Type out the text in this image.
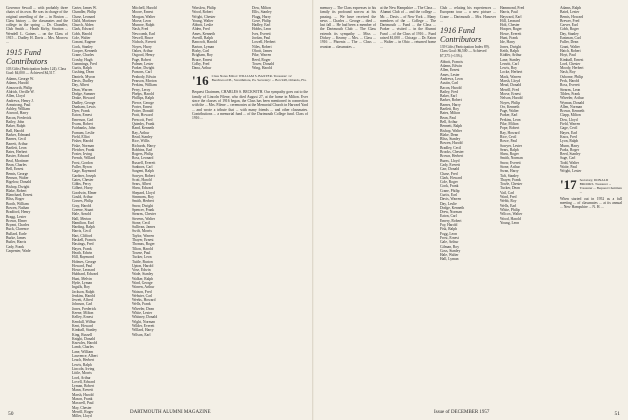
Governor Sewall ... with probably three chairs of its own. He was in charge of the original unveiling of the ... in Boston ... Class history ... the classmates and the college in the spring ... Dr. Chandler, Club Smith ... Heath Kirby, Stratton ... Wendell L. Gaines ... on the Class of 1915 ... Dudley H. Davis ... Mrs. Morrow ...

1915 Fund Contributors
103 Gifts (Participation Index 124). Class Goal: $4,000 — Achieved $4,517.
Adams, George W.
Adams, Harold
Ainsworth, Philip
Aldrich, Orville W.
Allen, Lloyd
Andrews, Henry J.
Armstrong, Paul
Ashley, William
Atwood, Harry
Bacon, Frederick
Bailey, John
Baker, Ralph
Ball, Harold
Barker, Edmund
Barnes, Cecil
Barrett, Arthur
Bartlett, Leon
Bates, Herbert
Baxter, Edward
Beal, Mortimer
Bean, Charles
Bell, Ernest
Bemis, George
Benson, Walter
Bigelow, Donald
Bishop, Dwight
Blake, Robert
Blanchard, Ernest
Bliss, Roger
Booth, William
Bowen, Nathan
Bradford, Henry
Bragg, Lester
Brown, Elmer
Bryant, Charles
Buck, Clarence
Bullard, Earle
Burke, James
Butler, Harris
Cady, Frank
Carpenter, Wade
Carter, James W.
Chandler, Philip
Chase, Leonard
Child, Mortimer
Church, Alden
Clark, Edward
Cobb, Harold
Cole, Walter
Conant, Eugene
Cook, Stanley
Cooper, Kenneth
Crane, Charles
Crosby, Hugh
Cummings, Fred
Curtis, Ralph
Cushing, Dean
Daniels, Myron
Davis, Dudley
Day, Albert
Dean, Warren
Dodge, Sumner
Drake, Howard
Dudley, George
Dunham, Lewis
Dyer, Frank
Eaton, Ernest
Emerson, Carl
Evans, Robert
Fairbanks, John
Farnum, Leslie
Field, Elliot
Fisher, Harold
Fiske, Norman
Fletcher, Frank
Foster, Irving
French, Willard
Frost, Gordon
Fuller, Byron
Gage, Raymond
Gardner, Joseph
Gates, Chester
Gibbs, Percy
Gilbert, Harry
Goodwin, Elmer
Gould, Arthur
Graves, Philip
Gray, Harold
Greene, Stuart
Hale, Arnold
Hall, Merton
Hamilton, Earl
Harding, Ralph
Harris, Cecil
Hart, Clifford
Haskell, Francis
Hastings, Fred
Hayes, Frank
Heath, Edwin
Hill, Raymond
Holmes, George
Howard, Paul
Howe, Leonard
Hubbard, Edward
Hunt, Melvin
Hyde, Lyman
Ingalls, Roy
Jackson, Ralph
Jenkins, Harold
Jewett, Alfred
Johnson, Carl
Jones, Frederick
Keene, Milton
Kelley, Ernest
Kendall, Wilbur
Kent, Howard
Kimball, Stanley
King, Russell
Knight, Donald
Knowles, Harold
Lamb, Charles
Lane, William
Lawrence, Albert
Leach, Herbert
Lewis, Ralph
Lincoln, Irving
Little, Morris
Lord, Arthur
Lovell, Edward
Lyman, Robert
Mann, Everett
Marsh, Harold
Mason, Frank
Maxwell, Paul
May, Chester
Merrill, Roger
Miller, Lloyd
Mitchell, Harold
Moore, Ernest
Morgan, Walter
Morse, Leon
Munroe, Ralph
Nash, Fred
Newcomb, Earl
Newell, Bruce
Nichols, Everett
Noyes, Harry
Oakes, Arthur
Osgood, Henry
Page, Robert
Palmer, Lester
Parker, Dwight
Parsons, Carl
Peabody, Edwin
Pearson, Morton
Perkins, William
Perry, Leroy
Phelps, Harold
Phillips, Ralph
Pierce, George
Porter, Ernest
Potter, Donald
Pratt, Howard
Prescott, Fred
Quimby, Frank
Rand, Kenneth
Ray, Arthur
Read, Stanley
Rice, Willis
Richards, Harry
Robbins, Earl
Rogers, Philip
Ross, Leonard
Russell, Everett
Sanborn, Carl
Sargent, Ralph
Sawyer, Robert
Scott, Harold
Sears, Albert
Shaw, Edward
Shepard, Lloyd
Simmons, Roy
Smith, Herbert
Snow, Dwight
Spencer, Frank
Stearns, Chester
Stevens, Walter
Stone, Cecil
Sullivan, James
Swift, Morris
Taylor, Warren
Thayer, Ernest
Thomas, Roger
Tilton, Harold
Towne, Paul
Tucker, Leon
Tuttle, Burton
Upton, Harold
Vose, Edwin
Wade, Stanley
Walker, Ralph
Ward, George
Warren, Arthur
Watson, Fred
Webster, Carl
Weeks, Howard
Wells, Frank
Wheeler, Dean
White, Lester
Whitney, Donald
Wight, Norman
Wilder, Everett
Willard, Harry
Wilson, Earl
Winslow, Philip
Wood, Robert
Wright, Chester
Young, Walter
Abbott, Leslie
Alden, Fred
Ames, Kenneth
Averill, Ralph
Bancroft, Harold
Barton, Lyman
Bixby, Carl
Brigham, Roy
Bruce, Ernest
Colby, Fred
Dana, Arthur
Dow, Milton
Ellis, Stanley
Flagg, Harry
Gove, Philip
Hadley, Earl
Hobbs, Leon
Ives, Everett
Jordan, Paul
Lowell, Herbert
Niles, Robert
Olcott, James
Pike, Warren
Reed, Roger
Tower, Donald
Wing, Harold
'16 Class Notes Editor: WILLIAM S. BAXTER. Treasurer: 12 Beechwood Pl., Swarthmore, Pa. Secretary: ... Box 948, Orlando, Fla.

Bequest Chairmen, CHARLES S. BECKWITH. Our sympathy goes out to the family of Lincoln Filene, who died August 27, at the home in Milton. Ever since the classes of 1916 began, the Class has been mentioned in connection with the ... Mrs. Filene ... ceremonies at the Memorial Church in Harvard Yard ... and wrote a tribute that ... with many friends ... and other classmates. Contributions ... a memorial fund ... of the Dartmouth College fund. Class of 1916 ...

50	DARTMOUTH ALUMNI MAGAZINE

memory ... The Class expresses to his family its profound sorrow at his passing. ... We have received the news ... Charles ... George ... died ... last fall ... He had been a member of the Dartmouth Club ... The Class extends its sympathy ... Miss ... Dickey ... Kearny ... Mrs. ... Class ... 1916 ... Phoenix ... The ... Class ... reunion ... classmates ...

at the New Hampshire ... The Class ... Alumni Club of ... and the college ... Mr. ... Davis ... of New York ... Many members of the ... College ... The Dartmouth ... Fund ... the Class ... Parker ... visited ... in the Alumni Fund ... of the Class of 1916 ... Fund raised $1,000 ... Chicago ... Dr. Eaton ... Walter ... in Ohio ... returned home ...

Club ... relating his experiences ... European tour ... a new picture ... Crane ... Dartmouth ... Mrs. Hanover ...

1916 Fund Contributors
139 Gifts (Participation Index 89). Class Goal: $6,500 — Achieved $7,375 (+13%).
Abbott, Francis
Adams, Edwin
Allen, Ernest
Ames, Lester
Andrews, Leon
Austin, Carl
Bacon, Harold
Bailey, Fred
Baker, Earl
Barker, Robert
Barnes, Harry
Bartlett, Roy
Bates, Milton
Bean, Paul
Bell, Arthur
Bennett, Ralph
Bishop, Walter
Blake, Dean
Bliss, Stanley
Bowen, Harold
Bradley, Cecil
Brooks, Chester
Brown, Herbert
Burns, Lloyd
Cady, Everett
Carr, Donald
Chase, Fred
Clark, Howard
Cole, Roger
Cook, Frank
Crane, Philip
Curtis, Earl
Davis, Warren
Day, Leslie
Dodge, Kenneth
Drew, Norman
Eaton, Carl
Emery, Robert
Fay, Harold
Fisk, Ralph
Fogg, Leon
Frost, Ernest
Gale, Arthur
Gilman, Roy
Goss, Stanley
Hale, Walter
Hall, Lyman
Hammond, Fred
Harris, Paul
Hayward, Earl
Hill, Leonard
Holt, Chester
Hooper, Roger
Howe, Everett
Hunt, Frank
Ide, Harry
Jones, Dwight
Keith, Ralph
Kidder, Arthur
Lane, Stanley
Leavitt, Carl
Lewis, Roy
Locke, Herbert
Mack, Warren
Marsh, Lloyd
Mead, Donald
Merrill, Fred
Morse, Ernest
Nelson, Harold
Noyes, Philip
Orr, Kenneth
Page, Walter
Parker, Earl
Perkins, Leon
Pike, Milton
Pope, Robert
Ray, Howard
Rice, Cecil
Rowe, Paul
Sawyer, Lester
Sears, Ralph
Shaw, Roger
Smith, Norman
Snow, Everett
Stone, Arthur
Swan, Harry
Taft, Stanley
Thayer, Frank
Towle, Chester
Tucker, Dean
Vail, Carl
Ward, Fred
Webb, Roy
Wells, Earl
White, Philip
Wilcox, Walter
Wood, Harold
Young, Leon
Adams, Ralph
Baird, Lester
Bemis, Howard
Brewer, Fred
Carver, Earl
Cobb, Roger
Day, Stanley
Eastman, Carl
Fuller, Dean
Grant, Walter
Hatch, Robert
Hoyt, Paul
Kimball, Ernest
Lord, Chester
Moody, Herbert
Nash, Roy
Osborne, Philip
Peck, Harold
Ross, Everett
Stearns, Leon
Tilden, Frank
Wheeler, Arthur
Wyman, Donald
Allen, Norman
Brown, Kenneth
Clapp, Milton
Dow, Lloyd
Field, Warren
Gage, Cecil
Hayes, Earl
Knox, Fred
Lyon, Ralph
Munn, Harry
Parks, Roger
Reed, Stanley
Sage, Carl
Todd, Walter
Waite, Paul
Wright, Lester
'17 Secretary, DONALD BROOKS. Treasurer ... Treasurer ... Bequest Chairman ...

When started out in 1952 as a full meeting ... of classmates ... at its annual ... New Hampshire ... N. H. ...

Issue of DECEMBER 1957	51
